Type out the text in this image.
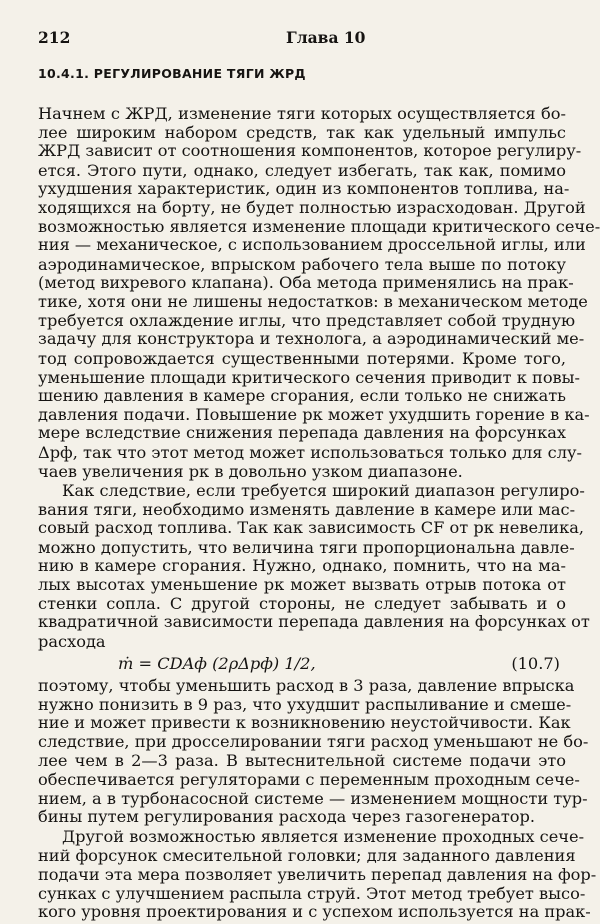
212	Глава 10
10.4.1. РЕГУЛИРОВАНИЕ ТЯГИ ЖРД
Начнем с ЖРД, изменение тяги которых осуществляется бо-
лее широким набором средств, так как удельный импульс
ЖРД зависит от соотношения компонентов, которое регулиру-
ется. Этого пути, однако, следует избегать, так как, помимо
ухудшения характеристик, один из компонентов топлива, на-
ходящихся на борту, не будет полностью израсходован. Другой
возможностью является изменение площади критического сече-
ния — механическое, с использованием дроссельной иглы, или
аэродинамическое, впрыском рабочего тела выше по потоку
(метод вихревого клапана). Оба метода применялись на прак-
тике, хотя они не лишены недостатков: в механическом методе
требуется охлаждение иглы, что представляет собой трудную
задачу для конструктора и технолога, а аэродинамический ме-
тод сопровождается существенными потерями. Кроме того,
уменьшение площади критического сечения приводит к повы-
шению давления в камере сгорания, если только не снижать
давления подачи. Повышение pк может ухудшить горение в ка-
мере вследствие снижения перепада давления на форсунках
Δpф, так что этот метод может использоваться только для слу-
чаев увеличения pк в довольно узком диапазоне.
Как следствие, если требуется широкий диапазон регулиро-
вания тяги, необходимо изменять давление в камере или мас-
совый расход топлива. Так как зависимость CF от pк невелика,
можно допустить, что величина тяги пропорциональна давле-
нию в камере сгорания. Нужно, однако, помнить, что на ма-
лых высотах уменьшение pк может вызвать отрыв потока от
стенки сопла. С другой стороны, не следует забывать и о
квадратичной зависимости перепада давления на форсунках от
расхода
ṁ = CDAф (2ρΔpф) 1/2,	(10.7)
поэтому, чтобы уменьшить расход в 3 раза, давление впрыска
нужно понизить в 9 раз, что ухудшит распыливание и смеше-
ние и может привести к возникновению неустойчивости. Как
следствие, при дросселировании тяги расход уменьшают не бо-
лее чем в 2—3 раза. В вытеснительной системе подачи это
обеспечивается регуляторами с переменным проходным сече-
нием, а в турбонасосной системе — изменением мощности тур-
бины путем регулирования расхода через газогенератор.
Другой возможностью является изменение проходных сече-
ний форсунок смесительной головки; для заданного давления
подачи эта мера позволяет увеличить перепад давления на фор-
сунках с улучшением распыла струй. Этот метод требует высо-
кого уровня проектирования и с успехом используется на прак-
